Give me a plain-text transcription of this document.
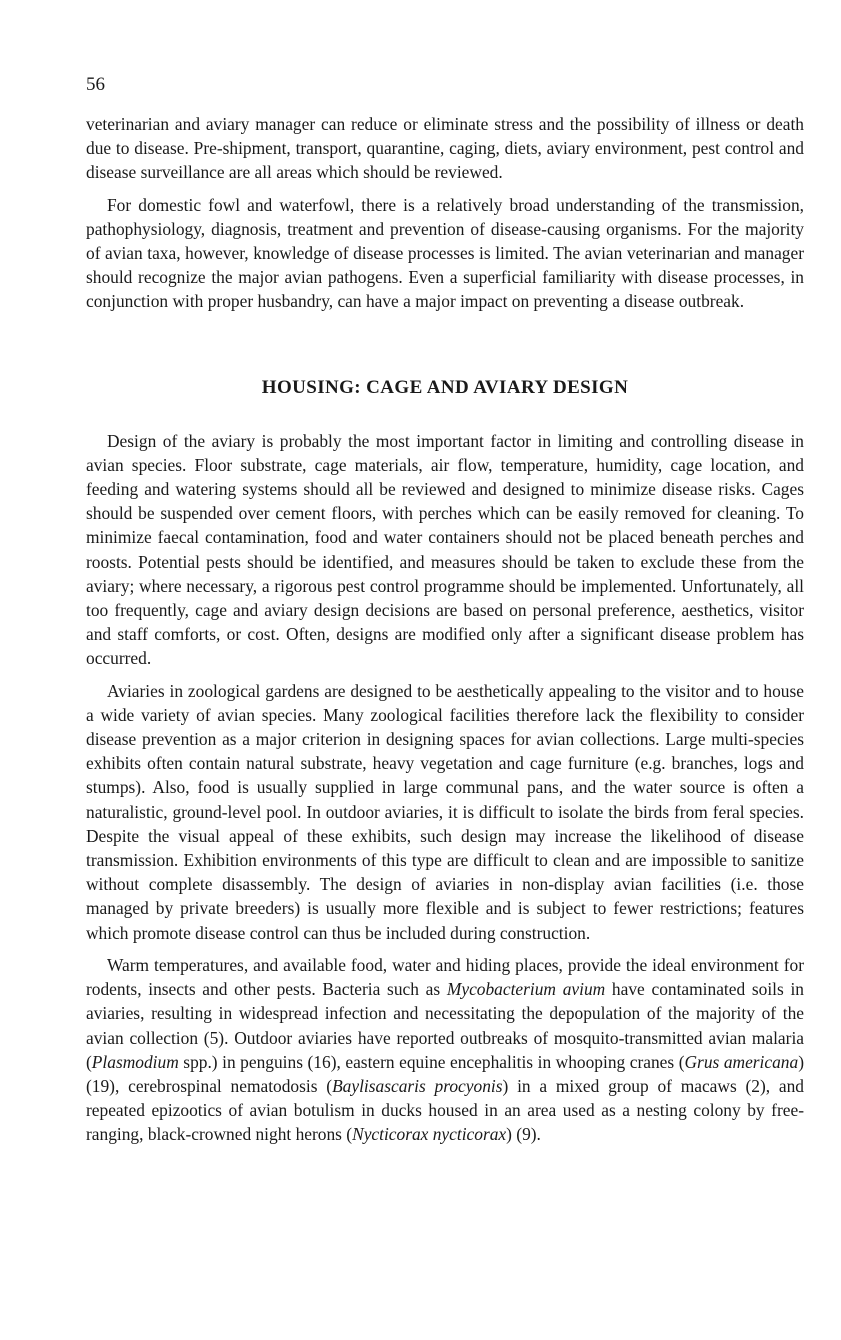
56

veterinarian and aviary manager can reduce or eliminate stress and the possibility of illness or death due to disease. Pre-shipment, transport, quarantine, caging, diets, aviary environment, pest control and disease surveillance are all areas which should be reviewed.

For domestic fowl and waterfowl, there is a relatively broad understanding of the transmission, pathophysiology, diagnosis, treatment and prevention of disease-causing organisms. For the majority of avian taxa, however, knowledge of disease processes is limited. The avian veterinarian and manager should recognize the major avian pathogens. Even a superficial familiarity with disease processes, in conjunction with proper husbandry, can have a major impact on preventing a disease outbreak.

HOUSING: CAGE AND AVIARY DESIGN

Design of the aviary is probably the most important factor in limiting and controlling disease in avian species. Floor substrate, cage materials, air flow, temperature, humidity, cage location, and feeding and watering systems should all be reviewed and designed to minimize disease risks. Cages should be suspended over cement floors, with perches which can be easily removed for cleaning. To minimize faecal contamination, food and water containers should not be placed beneath perches and roosts. Potential pests should be identified, and measures should be taken to exclude these from the aviary; where necessary, a rigorous pest control programme should be implemented. Unfortunately, all too frequently, cage and aviary design decisions are based on personal preference, aesthetics, visitor and staff comforts, or cost. Often, designs are modified only after a significant disease problem has occurred.

Aviaries in zoological gardens are designed to be aesthetically appealing to the visitor and to house a wide variety of avian species. Many zoological facilities therefore lack the flexibility to consider disease prevention as a major criterion in designing spaces for avian collections. Large multi-species exhibits often contain natural substrate, heavy vegetation and cage furniture (e.g. branches, logs and stumps). Also, food is usually supplied in large communal pans, and the water source is often a naturalistic, ground-level pool. In outdoor aviaries, it is difficult to isolate the birds from feral species. Despite the visual appeal of these exhibits, such design may increase the likelihood of disease transmission. Exhibition environments of this type are difficult to clean and are impossible to sanitize without complete disassembly. The design of aviaries in non-display avian facilities (i.e. those managed by private breeders) is usually more flexible and is subject to fewer restrictions; features which promote disease control can thus be included during construction.

Warm temperatures, and available food, water and hiding places, provide the ideal environment for rodents, insects and other pests. Bacteria such as Mycobacterium avium have contaminated soils in aviaries, resulting in widespread infection and necessitating the depopulation of the majority of the avian collection (5). Outdoor aviaries have reported outbreaks of mosquito-transmitted avian malaria (Plasmodium spp.) in penguins (16), eastern equine encephalitis in whooping cranes (Grus americana) (19), cerebrospinal nematodosis (Baylisascaris procyonis) in a mixed group of macaws (2), and repeated epizootics of avian botulism in ducks housed in an area used as a nesting colony by free-ranging, black-crowned night herons (Nycticorax nycticorax) (9).
